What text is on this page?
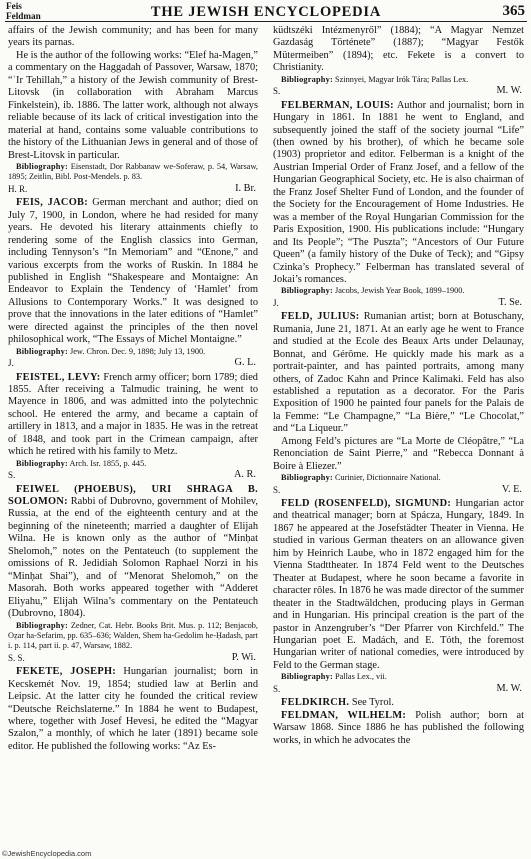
Feis
Feldman	THE JEWISH ENCYCLOPEDIA	365

affairs of the Jewish community; and has been for many years its parnas.

He is the author of the following works: “Elef ha-Magen,” a commentary on the Haggadah of Passover, Warsaw, 1870; “ʿIr Tehillah,” a history of the Jewish community of Brest-Litovsk (in collaboration with Abraham Marcus Finkelstein), ib. 1886. The latter work, although not always reliable because of its lack of critical investigation into the material at hand, contains some valuable contributions to the history of the Lithuanian Jews in general and of those of Brest-Litovsk in particular.

Bibliography: Eisenstadt, Dor Rabbanaw we-Soferaw, p. 54, Warsaw, 1895; Zeitlin, Bibl. Post-Mendels. p. 83.

H. R.	I. Br.

FEIS, JACOB: German merchant and author; died on July 7, 1900, in London, where he had resided for many years. He devoted his literary attainments chiefly to rendering some of the English classics into German, including Tennyson’s “In Memoriam” and “Œnone,” and various excerpts from the works of Ruskin. In 1884 he published in English “Shakespeare and Montaigne: An Endeavor to Explain the Tendency of ‘Hamlet’ from Allusions to Contemporary Works.” It was designed to prove that the innovations in the later editions of “Hamlet” were directed against the principles of the then novel philosophical work, “The Essays of Michel Montaigne.”

Bibliography: Jew. Chron. Dec. 9, 1898; July 13, 1900.

J.	G. L.

FEISTEL, LEVY: French army officer; born 1789; died 1855. After receiving a Talmudic training, he went to Mayence in 1806, and was admitted into the polytechnic school. He entered the army, and became a captain of artillery in 1813, and a major in 1835. He was in the retreat of 1848, and took part in the Crimean campaign, after which he retired with his family to Metz.

Bibliography: Arch. Isr. 1855, p. 445.

S.	A. R.

FEIWEL (PHOEBUS), URI SHRAGA B. SOLOMON: Rabbi of Dubrovno, government of Mohilev, Russia, at the end of the eighteenth century and at the beginning of the nineteenth; married a daughter of Elijah Wilna. He is known only as the author of “Minḥat Shelomoh,” notes on the Pentateuch (to supplement the omissions of R. Jedidiah Solomon Raphael Norzi in his “Minḥat Shai”), and of “Menorat Shelomoh,” on the Masorah. Both works appeared together with “Adderet Eliyahu,” Elijah Wilna’s commentary on the Pentateuch (Dubrovno, 1804).

Bibliography: Zedner, Cat. Hebr. Books Brit. Mus. p. 112; Benjacob, Oẓar ha-Sefarim, pp. 635–636; Walden, Shem ha-Gedolim he-Ḥadash, part i. p. 114, part ii. p. 47, Warsaw, 1882.

S. S.	P. Wi.

FEKETE, JOSEPH: Hungarian journalist; born in Kecskemét Nov. 19, 1854; studied law at Berlin and Leipsic. At the latter city he founded the critical review “Deutsche Reichslaterne.” In 1884 he went to Budapest, where, together with Josef Hevesi, he edited the “Magyar Szalon,” a monthly, of which he later (1891) became sole editor. He published the following works: “Az Es-

küdtszéki Intézmenyről” (1884); “A Magyar Nemzet Gazdaság Története” (1887); “Magyar Festők Mütermeiben” (1894); etc. Fekete is a convert to Christianity.

Bibliography: Szinnyei, Magyar Irók Tára; Pallas Lex.

S.	M. W.

FELBERMAN, LOUIS: Author and journalist; born in Hungary in 1861. In 1881 he went to England, and subsequently joined the staff of the society journal “Life” (then owned by his brother), of which he became sole (1903) proprietor and editor. Felberman is a knight of the Austrian Imperial Order of Franz Josef, and a fellow of the Hungarian Geographical Society, etc. He is also chairman of the Franz Josef Shelter Fund of London, and the founder of the Society for the Encouragement of Home Industries. He was a member of the Royal Hungarian Commission for the Paris Exposition, 1900. His publications include: “Hungary and Its People”; “The Puszta”; “Ancestors of Our Future Queen” (a family history of the Duke of Teck); and “Gipsy Czinka’s Prophecy.” Felberman has translated several of Jokai’s romances.

Bibliography: Jacobs, Jewish Year Book, 1899–1900.

J.	T. Se.

FELD, JULIUS: Rumanian artist; born at Botuschany, Rumania, June 21, 1871. At an early age he went to France and studied at the Ecole des Beaux Arts under Delaunay, Bonnat, and Gérôme. He quickly made his mark as a portrait-painter, and has painted portraits, among many others, of Zadoc Kahn and Prince Kalimaki. Feld has also established a reputation as a decorator. For the Paris Exposition of 1900 he painted four panels for the Palais de la Femme: “Le Champagne,” “La Bière,” “Le Chocolat,” and “La Liqueur.”

Among Feld’s pictures are “La Morte de Cléopâtre,” “La Renonciation de Saint Pierre,” and “Rebecca Donnant à Boire à Eliezer.”

Bibliography: Curinier, Dictionnaire National.

S.	V. E.

FELD (ROSENFELD), SIGMUND: Hungarian actor and theatrical manager; born at Spácza, Hungary, 1849. In 1867 he appeared at the Josefstädter Theater in Vienna. He studied in various German theaters on an allowance given him by Heinrich Laube, who in 1872 engaged him for the Vienna Stadttheater. In 1874 Feld went to the Deutsches Theater at Budapest, where he soon became a favorite in character rôles. In 1876 he was made director of the summer theater in the Stadtwäldchen, producing plays in German and in Hungarian. His principal creation is the part of the pastor in Anzengruber’s “Der Pfarrer von Kirchfeld.” The Hungarian poet E. Madách, and E. Tóth, the foremost Hungarian writer of national comedies, were introduced by Feld to the German stage.

Bibliography: Pallas Lex., vii.

S.	M. W.

FELDKIRCH. See Tyrol.

FELDMAN, WILHELM: Polish author; born at Warsaw 1868. Since 1886 he has published the following works, in which he advocates the

©JewishEncyclopedia.com
